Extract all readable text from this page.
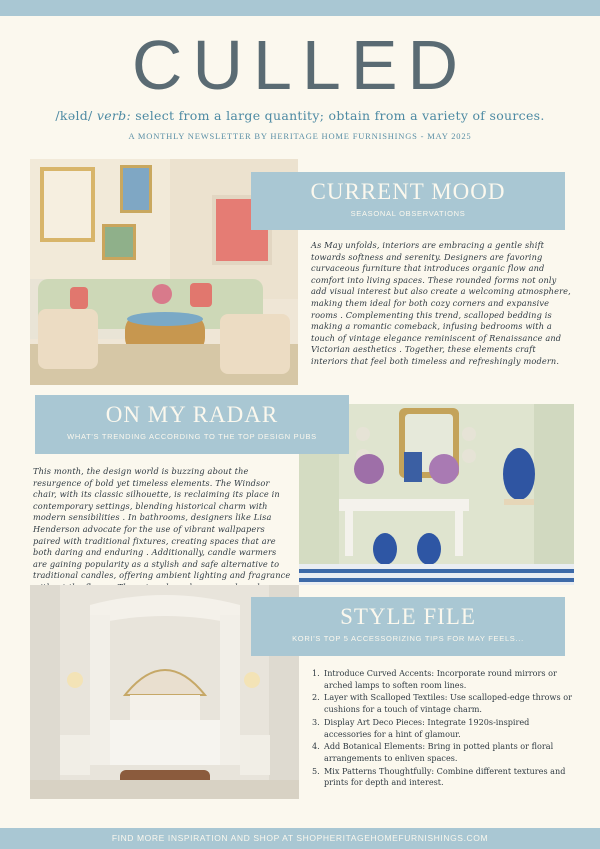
CULLED
/kəld/ verb: select from a large quantity; obtain from a variety of sources.
A MONTHLY NEWSLETTER BY HERITAGE HOME FURNISHINGS - MAY 2025
CURRENT MOOD
SEASONAL OBSERVATIONS
As May unfolds, interiors are embracing a gentle shift towards softness and serenity. Designers are favoring curvaceous furniture that introduces organic flow and comfort into living spaces. These rounded forms not only add visual interest but also create a welcoming atmosphere, making them ideal for both cozy corners and expansive rooms . Complementing this trend, scalloped bedding is making a romantic comeback, infusing bedrooms with a touch of vintage elegance reminiscent of Renaissance and Victorian aesthetics . Together, these elements craft interiors that feel both timeless and refreshingly modern.
ON MY RADAR
WHAT'S TRENDING ACCORDING TO THE TOP DESIGN PUBS
This month, the design world is buzzing about the resurgence of bold yet timeless elements. The Windsor chair, with its classic silhouette, is reclaiming its place in contemporary settings, blending historical charm with modern sensibilities . In bathrooms, designers like Lisa Henderson advocate for the use of vibrant wallpapers paired with traditional fixtures, creating spaces that are both daring and enduring . Additionally, candle warmers are gaining popularity as a stylish and safe alternative to traditional candles, offering ambient lighting and fragrance
STYLE FILE
KORI'S TOP 5 ACCESSORIZING TIPS FOR MAY FEELS...
1. Introduce Curved Accents: Incorporate round mirrors or arched lamps to soften room lines.
2. Layer with Scalloped Textiles: Use scalloped-edge throws or cushions for a touch of vintage charm.
3. Display Art Deco Pieces: Integrate 1920s-inspired accessories for a hint of glamour.
4. Add Botanical Elements: Bring in potted plants or floral arrangements to enliven spaces.
5. Mix Patterns Thoughtfully: Combine different textures and prints for depth and interest.
FIND MORE INSPIRATION AND SHOP AT SHOPHERITAGEHOMEFURNISHINGS.COM
